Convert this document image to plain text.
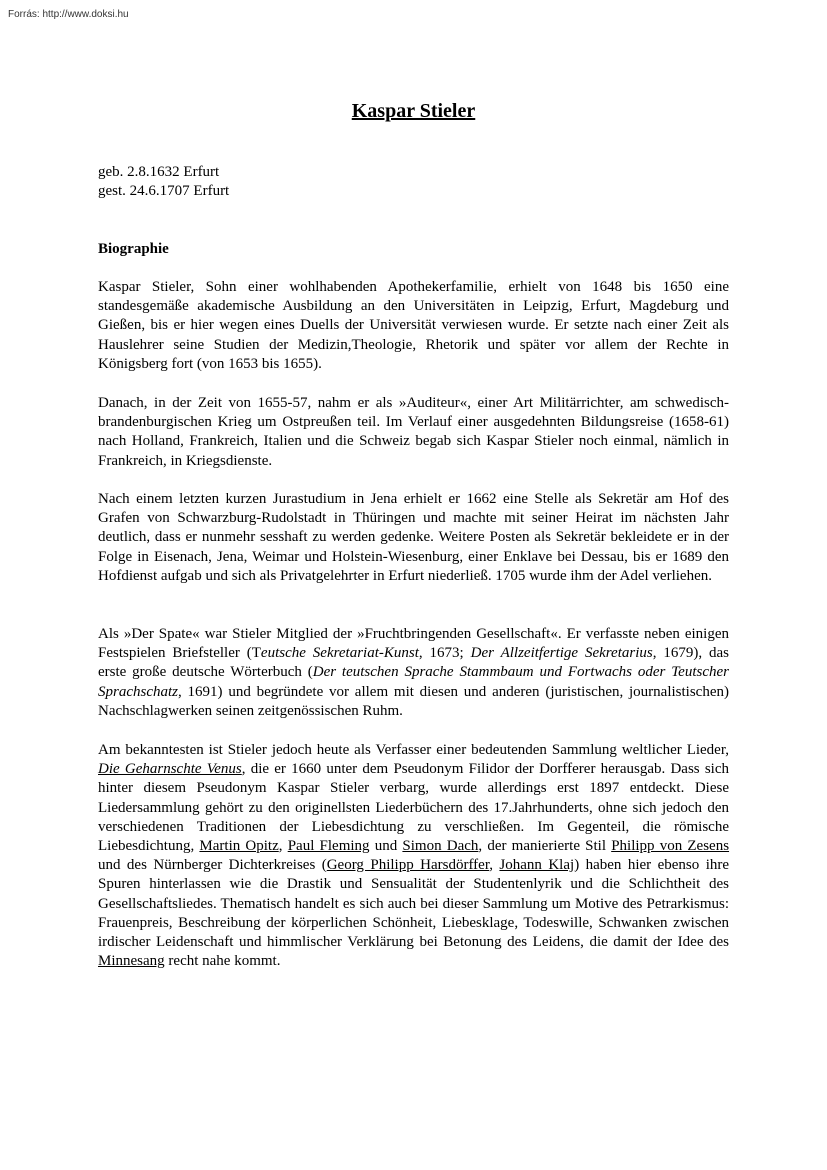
Forrás: http://www.doksi.hu
Kaspar Stieler
geb. 2.8.1632 Erfurt
gest. 24.6.1707 Erfurt
Biographie
Kaspar Stieler, Sohn einer wohlhabenden Apothekerfamilie, erhielt von 1648 bis 1650 eine standesgemäße akademische Ausbildung an den Universitäten in Leipzig, Erfurt, Magdeburg und Gießen, bis er hier wegen eines Duells der Universität verwiesen wurde. Er setzte nach einer Zeit als Hauslehrer seine Studien der Medizin,Theologie, Rhetorik und später vor allem der Rechte in Königsberg fort (von 1653 bis 1655).
Danach, in der Zeit von 1655-57, nahm er als »Auditeur«, einer Art Militärrichter, am schwedisch-brandenburgischen Krieg um Ostpreußen teil. Im Verlauf einer ausgedehnten Bildungsreise (1658-61) nach Holland, Frankreich, Italien und die Schweiz begab sich Kaspar Stieler noch einmal, nämlich in Frankreich, in Kriegsdienste.
Nach einem letzten kurzen Jurastudium in Jena erhielt er 1662 eine Stelle als Sekretär am Hof des Grafen von Schwarzburg-Rudolstadt in Thüringen und machte mit seiner Heirat im nächsten Jahr deutlich, dass er nunmehr sesshaft zu werden gedenke. Weitere Posten als Sekretär bekleidete er in der Folge in Eisenach, Jena, Weimar und Holstein-Wiesenburg, einer Enklave bei Dessau, bis er 1689 den Hofdienst aufgab und sich als Privatgelehrter in Erfurt niederließ. 1705 wurde ihm der Adel verliehen.
Als »Der Spate« war Stieler Mitglied der »Fruchtbringenden Gesellschaft«. Er verfasste neben einigen Festspielen Briefsteller (Teutsche Sekretariat-Kunst, 1673; Der Allzeitfertige Sekretarius, 1679), das erste große deutsche Wörterbuch (Der teutschen Sprache Stammbaum und Fortwachs oder Teutscher Sprachschatz, 1691) und begründete vor allem mit diesen und anderen (juristischen, journalistischen) Nachschlagwerken seinen zeitgenössischen Ruhm.
Am bekanntesten ist Stieler jedoch heute als Verfasser einer bedeutenden Sammlung weltlicher Lieder, Die Geharnschte Venus, die er 1660 unter dem Pseudonym Filidor der Dorfferer herausgab. Dass sich hinter diesem Pseudonym Kaspar Stieler verbarg, wurde allerdings erst 1897 entdeckt. Diese Liedersammlung gehört zu den originellsten Liederbüchern des 17.Jahrhunderts, ohne sich jedoch den verschiedenen Traditionen der Liebesdichtung zu verschließen. Im Gegenteil, die römische Liebesdichtung, Martin Opitz, Paul Fleming und Simon Dach, der manierierte Stil Philipp von Zesens und des Nürnberger Dichterkreises (Georg Philipp Harsdörffer, Johann Klaj) haben hier ebenso ihre Spuren hinterlassen wie die Drastik und Sensualität der Studentenlyrik und die Schlichtheit des Gesellschaftsliedes. Thematisch handelt es sich auch bei dieser Sammlung um Motive des Petrarkismus: Frauenpreis, Beschreibung der körperlichen Schönheit, Liebesklage, Todeswille, Schwanken zwischen irdischer Leidenschaft und himmlischer Verklärung bei Betonung des Leidens, die damit der Idee des Minnesang recht nahe kommt.
